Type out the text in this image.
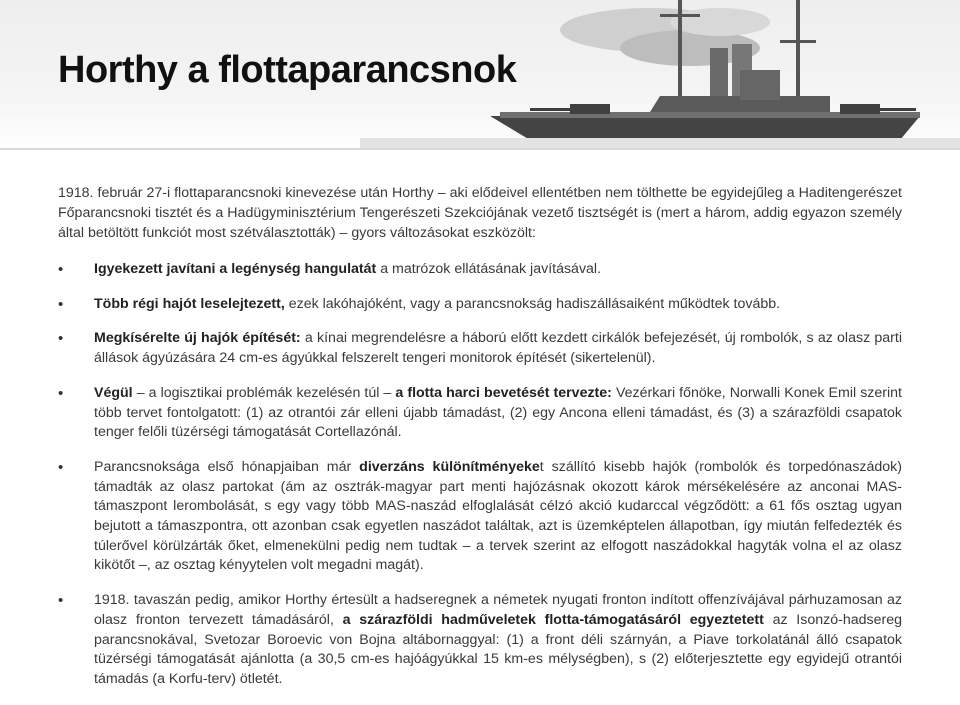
Horthy a flottaparancsnok

1918. február 27-i flottaparancsnoki kinevezése után Horthy – aki elődeivel ellentétben nem tölthette be egyidejűleg a Haditengerészet Főparancsnoki tisztét és a Hadügyminisztérium Tengerészeti Szekciójának vezető tisztségét is (mert a három, addig egyazon személy által betöltött funkciót most szétválasztották) – gyors változásokat eszközölt:

• Igyekezett javítani a legénység hangulatát a matrózok ellátásának javításával.
• Több régi hajót leselejtezett, ezek lakóhajóként, vagy a parancsnokság hadiszállásaiként működtek tovább.
• Megkísérelte új hajók építését: a kínai megrendelésre a háború előtt kezdett cirkálók befejezését, új rombolók, s az olasz parti állások ágyúzására 24 cm-es ágyúkkal felszerelt tengeri monitorok építését (sikertelenül).
• Végül – a logisztikai problémák kezelésén túl – a flotta harci bevetését tervezte: Vezérkari főnöke, Norwalli Konek Emil szerint több tervet fontolgatott: (1) az otrantói zár elleni újabb támadást, (2) egy Ancona elleni támadást, és (3) a szárazföldi csapatok tenger felőli tüzérségi támogatását Cortellazónál.
• Parancsnoksága első hónapjaiban már diverzáns különítményeket szállító kisebb hajók (rombolók és torpedónaszádok) támadták az olasz partokat (ám az osztrák-magyar part menti hajózásnak okozott károk mérsékelésére az anconai MAS-támaszpont lerombolását, s egy vagy több MAS-naszád elfoglalását célzó akció kudarccal végződött: a 61 fős osztag ugyan bejutott a támaszpontra, ott azonban csak egyetlen naszádot találtak, azt is üzemképtelen állapotban, így miután felfedezték és túlerővel körülzárták őket, elmenekülni pedig nem tudtak – a tervek szerint az elfogott naszádokkal hagyták volna el az olasz kikötőt –, az osztag kényytelen volt megadni magát).
• 1918. tavaszán pedig, amikor Horthy értesült a hadseregnek a németek nyugati fronton indított offenzívájával párhuzamosan az olasz fronton tervezett támadásáról, a szárazföldi hadműveletek flotta-támogatásáról egyeztetett az Isonzó-hadsereg parancsnokával, Svetozar Boroevic von Bojna altábornaggyal: (1) a front déli szárnyán, a Piave torkolatánál álló csapatok tüzérségi támogatását ajánlotta (a 30,5 cm-es hajóágyúkkal 15 km-es mélységben), s (2) előterjesztette egy egyidejű otrantói támadás (a Korfu-terv) ötletét.
